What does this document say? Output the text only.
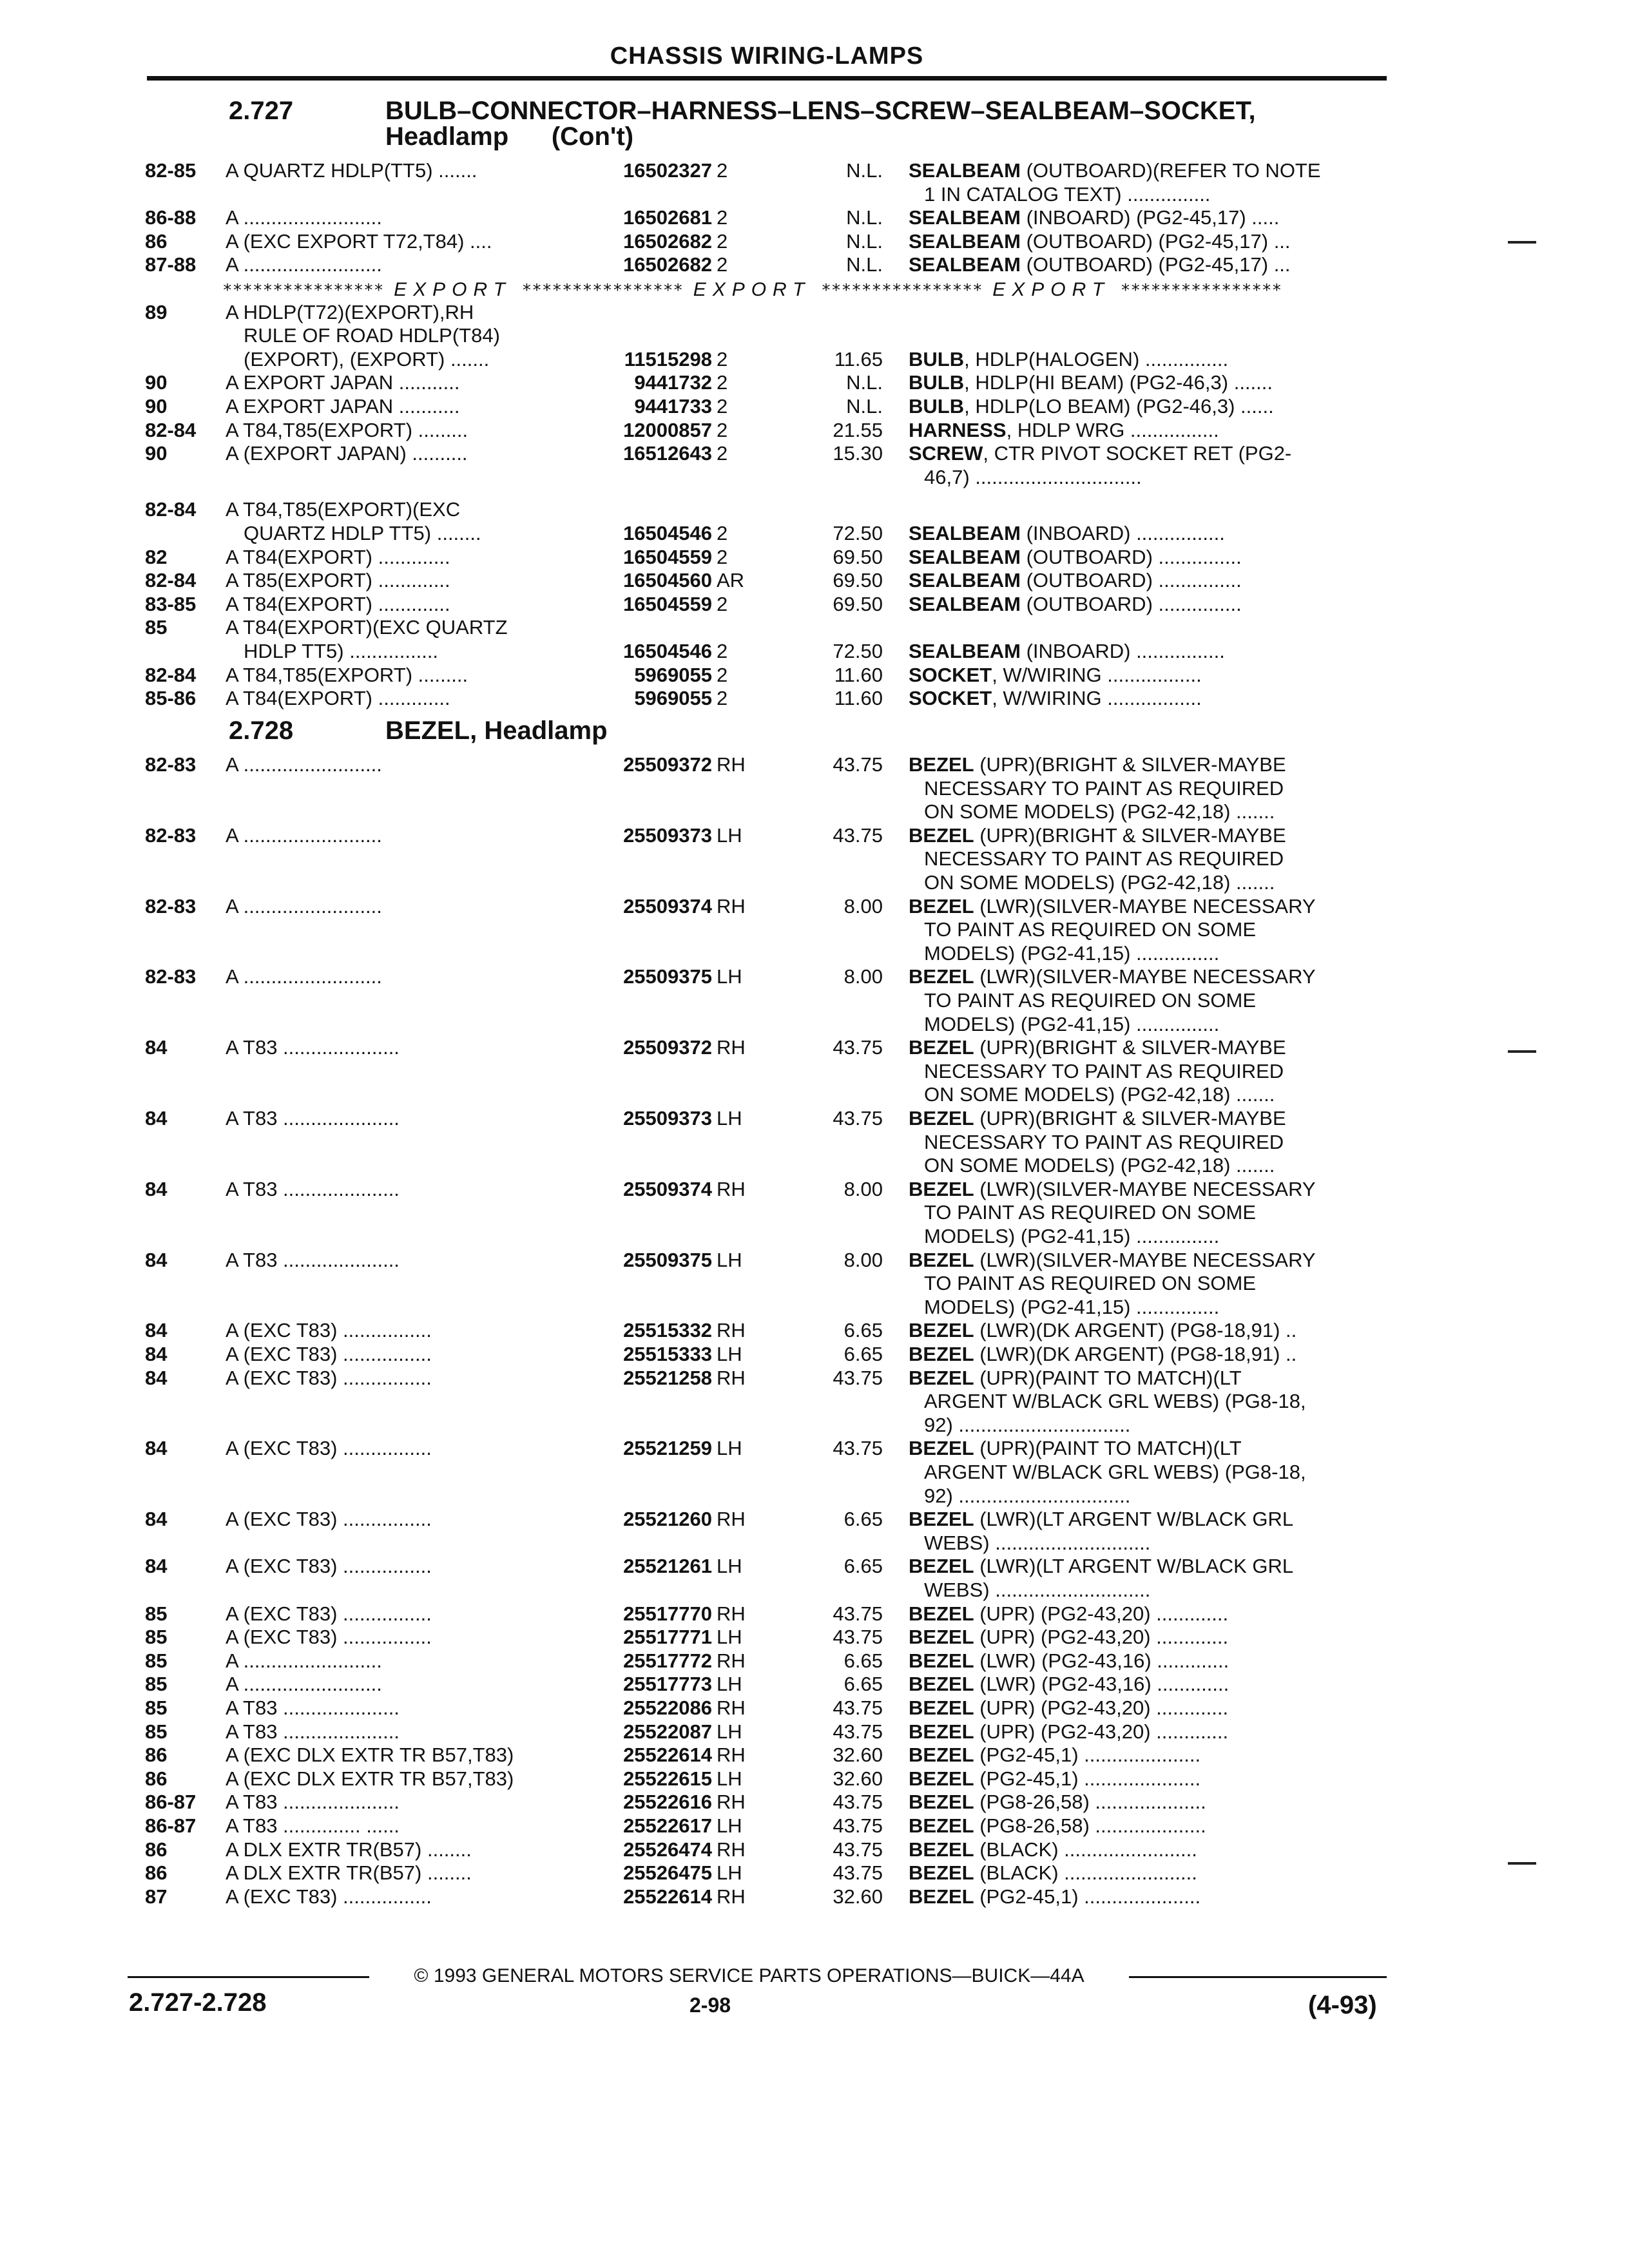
CHASSIS WIRING-LAMPS
2.727	BULB–CONNECTOR–HARNESS–LENS–SCREW–SEALBEAM–SOCKET,
Headlamp      (Con't)
2.728	BEZEL, Headlamp
82-85	A QUARTZ HDLP(TT5) .......	16502327 2	N.L. SEALBEAM (OUTBOARD)(REFER TO NOTE
1 IN CATALOG TEXT) ...............
86-88	A .........................	16502681 2	N.L. SEALBEAM (INBOARD) (PG2-45,17) .....
86	A (EXC EXPORT T72,T84) ....	16502682 2	N.L. SEALBEAM (OUTBOARD) (PG2-45,17) ...
87-88	A .........................	16502682 2	N.L. SEALBEAM (OUTBOARD) (PG2-45,17) ...
**************** EXPORT **************** EXPORT **************** EXPORT ****************
89	A HDLP(T72)(EXPORT),RH
RULE OF ROAD HDLP(T84)
(EXPORT), (EXPORT) .......	11515298 2	11.65 BULB, HDLP(HALOGEN) ...............
90	A EXPORT JAPAN ...........	9441732 2	N.L. BULB, HDLP(HI BEAM) (PG2-46,3) .......
90	A EXPORT JAPAN ...........	9441733 2	N.L. BULB, HDLP(LO BEAM) (PG2-46,3) ......
82-84	A T84,T85(EXPORT) .........	12000857 2	21.55 HARNESS, HDLP WRG ................
90	A (EXPORT JAPAN) ..........	16512643 2	15.30 SCREW, CTR PIVOT SOCKET RET (PG2-
46,7) ..............................
82-84	A T84,T85(EXPORT)(EXC
QUARTZ HDLP TT5) ........	16504546 2	72.50 SEALBEAM (INBOARD) ................
82	A T84(EXPORT) .............	16504559 2	69.50 SEALBEAM (OUTBOARD) ...............
82-84	A T85(EXPORT) .............	16504560 AR	69.50 SEALBEAM (OUTBOARD) ...............
83-85	A T84(EXPORT) .............	16504559 2	69.50 SEALBEAM (OUTBOARD) ...............
85	A T84(EXPORT)(EXC QUARTZ
HDLP TT5) ................	16504546 2	72.50 SEALBEAM (INBOARD) ................
82-84	A T84,T85(EXPORT) .........	5969055 2	11.60 SOCKET, W/WIRING .................
85-86	A T84(EXPORT) .............	5969055 2	11.60 SOCKET, W/WIRING .................
82-83	A .........................	25509372 RH	43.75 BEZEL (UPR)(BRIGHT & SILVER-MAYBE
NECESSARY TO PAINT AS REQUIRED
ON SOME MODELS) (PG2-42,18) .......
82-83	A .........................	25509373 LH	43.75 BEZEL (UPR)(BRIGHT & SILVER-MAYBE
NECESSARY TO PAINT AS REQUIRED
ON SOME MODELS) (PG2-42,18) .......
82-83	A .........................	25509374 RH	8.00 BEZEL (LWR)(SILVER-MAYBE NECESSARY
TO PAINT AS REQUIRED ON SOME
MODELS) (PG2-41,15) ...............
82-83	A .........................	25509375 LH	8.00 BEZEL (LWR)(SILVER-MAYBE NECESSARY
TO PAINT AS REQUIRED ON SOME
MODELS) (PG2-41,15) ...............
84	A T83 .....................	25509372 RH	43.75 BEZEL (UPR)(BRIGHT & SILVER-MAYBE
NECESSARY TO PAINT AS REQUIRED
ON SOME MODELS) (PG2-42,18) .......
84	A T83 .....................	25509373 LH	43.75 BEZEL (UPR)(BRIGHT & SILVER-MAYBE
NECESSARY TO PAINT AS REQUIRED
ON SOME MODELS) (PG2-42,18) .......
84	A T83 .....................	25509374 RH	8.00 BEZEL (LWR)(SILVER-MAYBE NECESSARY
TO PAINT AS REQUIRED ON SOME
MODELS) (PG2-41,15) ...............
84	A T83 .....................	25509375 LH	8.00 BEZEL (LWR)(SILVER-MAYBE NECESSARY
TO PAINT AS REQUIRED ON SOME
MODELS) (PG2-41,15) ...............
84	A (EXC T83) ................	25515332 RH	6.65 BEZEL (LWR)(DK ARGENT) (PG8-18,91) ..
84	A (EXC T83) ................	25515333 LH	6.65 BEZEL (LWR)(DK ARGENT) (PG8-18,91) ..
84	A (EXC T83) ................	25521258 RH	43.75 BEZEL (UPR)(PAINT TO MATCH)(LT
ARGENT W/BLACK GRL WEBS) (PG8-18,
92) ...............................
84	A (EXC T83) ................	25521259 LH	43.75 BEZEL (UPR)(PAINT TO MATCH)(LT
ARGENT W/BLACK GRL WEBS) (PG8-18,
92) ...............................
84	A (EXC T83) ................	25521260 RH	6.65 BEZEL (LWR)(LT ARGENT W/BLACK GRL
WEBS) ............................
84	A (EXC T83) ................	25521261 LH	6.65 BEZEL (LWR)(LT ARGENT W/BLACK GRL
WEBS) ............................
85	A (EXC T83) ................	25517770 RH	43.75 BEZEL (UPR) (PG2-43,20) .............
85	A (EXC T83) ................	25517771 LH	43.75 BEZEL (UPR) (PG2-43,20) .............
85	A .........................	25517772 RH	6.65 BEZEL (LWR) (PG2-43,16) .............
85	A .........................	25517773 LH	6.65 BEZEL (LWR) (PG2-43,16) .............
85	A T83 .....................	25522086 RH	43.75 BEZEL (UPR) (PG2-43,20) .............
85	A T83 .....................	25522087 LH	43.75 BEZEL (UPR) (PG2-43,20) .............
86	A (EXC DLX EXTR TR B57,T83)	25522614 RH	32.60 BEZEL (PG2-45,1) .....................
86	A (EXC DLX EXTR TR B57,T83)	25522615 LH	32.60 BEZEL (PG2-45,1) .....................
86-87	A T83 .....................	25522616 RH	43.75 BEZEL (PG8-26,58) ....................
86-87	A T83 .............. ......	25522617 LH	43.75 BEZEL (PG8-26,58) ....................
86	A DLX EXTR TR(B57) ........	25526474 RH	43.75 BEZEL (BLACK) ........................
86	A DLX EXTR TR(B57) ........	25526475 LH	43.75 BEZEL (BLACK) ........................
87	A (EXC T83) ................	25522614 RH	32.60 BEZEL (PG2-45,1) .....................
© 1993 GENERAL MOTORS SERVICE PARTS OPERATIONS—BUICK—44A
2.727-2.728	2-98	(4-93)
